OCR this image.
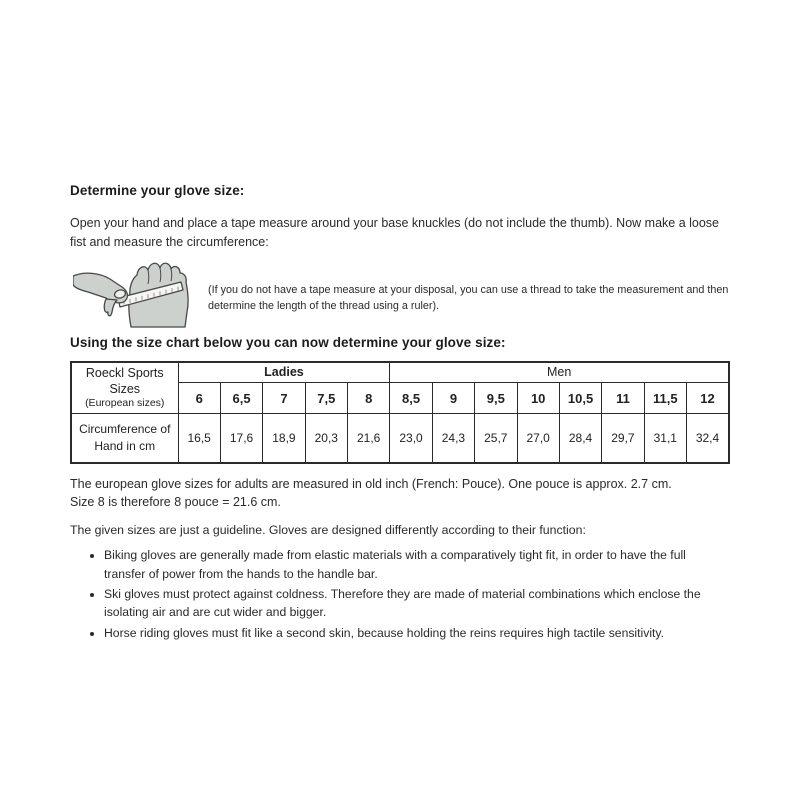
Determine your glove size:

Open your hand and place a tape measure around your base knuckles (do not include the thumb). Now make a loose fist and measure the circumference:

(If you do not have a tape measure at your disposal, you can use a thread to take the measurement and then determine the length of the thread using a ruler).

Using the size chart below you can now determine your glove size:
Roeckl Sports
Sizes
(European sizes)	Ladies					Men							
	6	6,5	7	7,5	8	8,5	9	9,5	10	10,5	11	11,5	12

Circumference of
Hand in cm	16,5	17,6	18,9	20,3	21,6	23,0	24,3	25,7	27,0	28,4	29,7	31,1	32,4

The european glove sizes for adults are measured in old inch (French: Pouce). One pouce is approx. 2.7 cm.
Size 8 is therefore 8 pouce = 21.6 cm.

The given sizes are just a guideline. Gloves are designed differently according to their function:

• Biking gloves are generally made from elastic materials with a comparatively tight fit, in order to have the full transfer of power from the hands to the handle bar.
• Ski gloves must protect against coldness. Therefore they are made of material combinations which enclose the isolating air and are cut wider and bigger.
• Horse riding gloves must fit like a second skin, because holding the reins requires high tactile sensitivity.
